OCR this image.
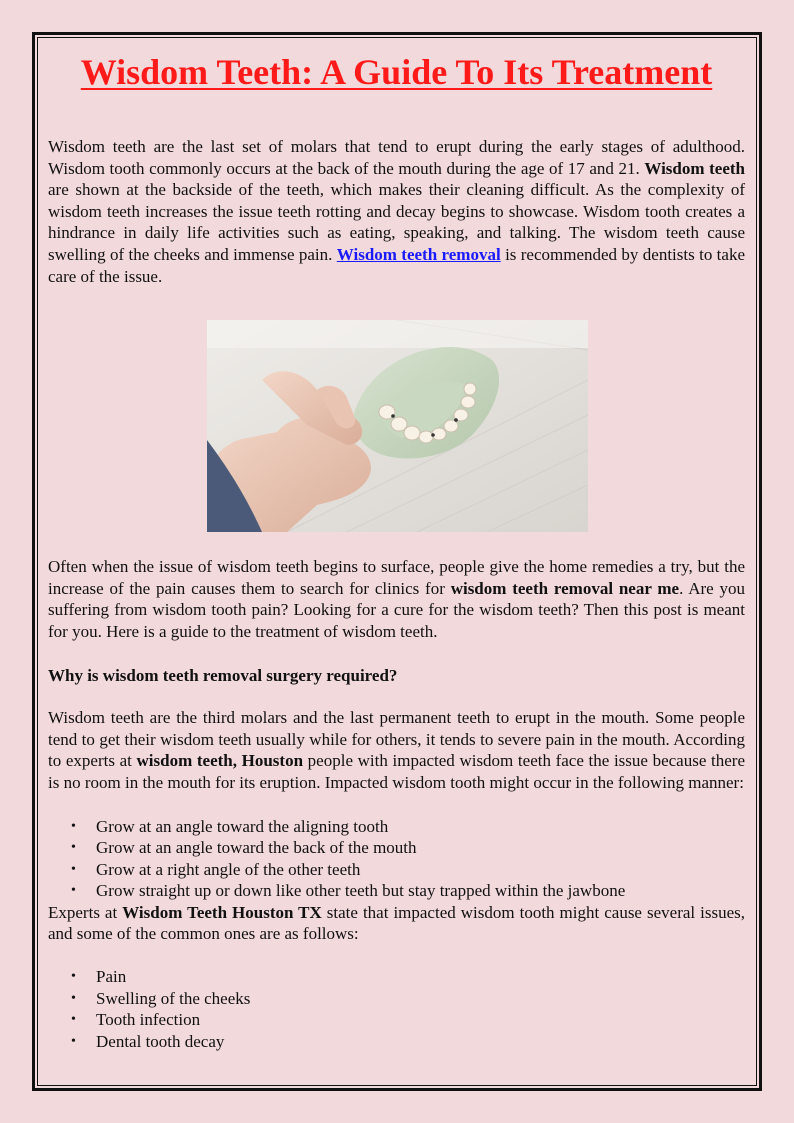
Wisdom Teeth: A Guide To Its Treatment

Wisdom teeth are the last set of molars that tend to erupt during the early stages of adulthood. Wisdom tooth commonly occurs at the back of the mouth during the age of 17 and 21. Wisdom teeth are shown at the backside of the teeth, which makes their cleaning difficult. As the complexity of wisdom teeth increases the issue teeth rotting and decay begins to showcase. Wisdom tooth creates a hindrance in daily life activities such as eating, speaking, and talking. The wisdom teeth cause swelling of the cheeks and immense pain. Wisdom teeth removal is recommended by dentists to take care of the issue.

Often when the issue of wisdom teeth begins to surface, people give the home remedies a try, but the increase of the pain causes them to search for clinics for wisdom teeth removal near me. Are you suffering from wisdom tooth pain? Looking for a cure for the wisdom teeth? Then this post is meant for you. Here is a guide to the treatment of wisdom teeth.

Why is wisdom teeth removal surgery required?

Wisdom teeth are the third molars and the last permanent teeth to erupt in the mouth. Some people tend to get their wisdom teeth usually while for others, it tends to severe pain in the mouth. According to experts at wisdom teeth, Houston people with impacted wisdom teeth face the issue because there is no room in the mouth for its eruption. Impacted wisdom tooth might occur in the following manner:

• Grow at an angle toward the aligning tooth
• Grow at an angle toward the back of the mouth
• Grow at a right angle of the other teeth
• Grow straight up or down like other teeth but stay trapped within the jawbone

Experts at Wisdom Teeth Houston TX state that impacted wisdom tooth might cause several issues, and some of the common ones are as follows:

• Pain
• Swelling of the cheeks
• Tooth infection
• Dental tooth decay
